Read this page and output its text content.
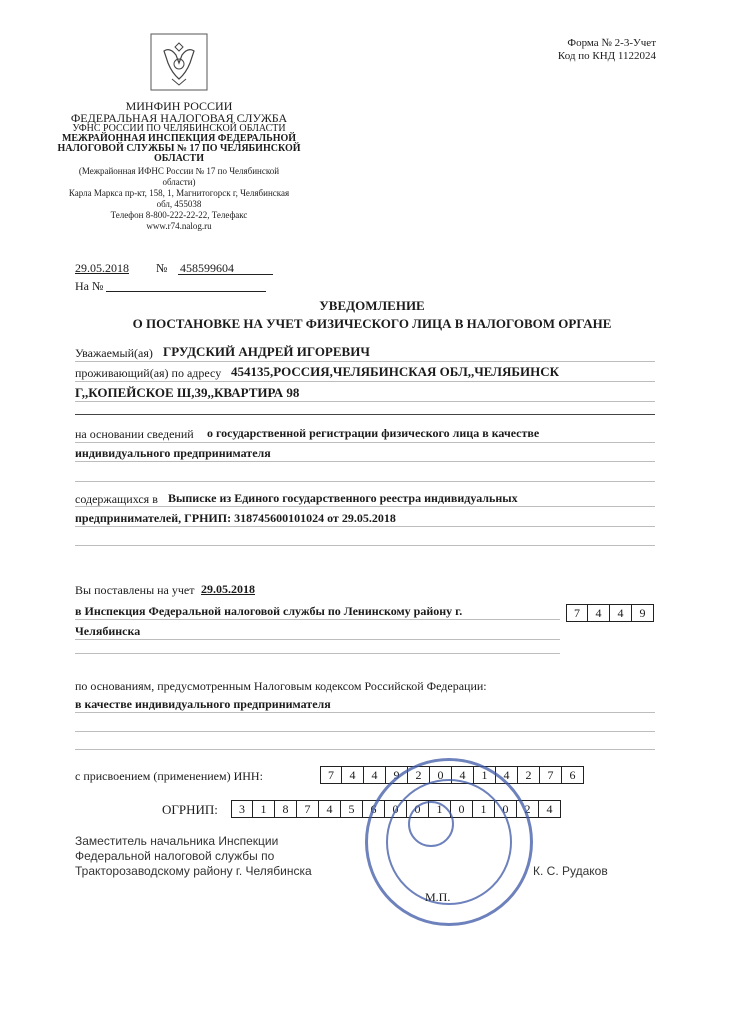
Форма № 2-3-Учет
Код по КНД 1122024
МИНФИН РОССИИ
ФЕДЕРАЛЬНАЯ НАЛОГОВАЯ СЛУЖБА
УФНС РОССИИ ПО ЧЕЛЯБИНСКОЙ ОБЛАСТИ
МЕЖРАЙОННАЯ ИНСПЕКЦИЯ ФЕДЕРАЛЬНОЙ
НАЛОГОВОЙ СЛУЖБЫ № 17 ПО ЧЕЛЯБИНСКОЙ
ОБЛАСТИ
(Межрайонная ИФНС России № 17 по Челябинской
области)
Карла Маркса пр-кт, 158, 1, Магнитогорск г, Челябинская
обл, 455038
Телефон 8-800-222-22-22, Телефакс
www.r74.nalog.ru
29.05.2018 № 458599604
На №
УВЕДОМЛЕНИЕ
О ПОСТАНОВКЕ НА УЧЕТ ФИЗИЧЕСКОГО ЛИЦА В НАЛОГОВОМ ОРГАНЕ
Уважаемый(ая) ГРУДСКИЙ АНДРЕЙ ИГОРЕВИЧ
проживающий(ая) по адресу 454135,РОССИЯ,ЧЕЛЯБИНСКАЯ ОБЛ,,ЧЕЛЯБИНСК
Г,,КОПЕЙСКОЕ Ш,39,,КВАРТИРА 98
на основании сведений о государственной регистрации физического лица в качестве
индивидуального предпринимателя
содержащихся в Выписке из Единого государственного реестра индивидуальных
предпринимателей, ГРНИП: 318745600101024 от 29.05.2018
Вы поставлены на учет 29.05.2018
в Инспекция Федеральной налоговой службы по Ленинскому району г.
Челябинска
7	4	4	9
по основаниям, предусмотренным Налоговым кодексом Российской Федерации:
в качестве индивидуального предпринимателя
с присвоением (применением) ИНН:	7	4	4	9	2	0	4	1	4	2	7	6
ОГРНИП:	3	1	8	7	4	5	6	0	0	1	0	1	0	2	4
Заместитель начальника Инспекции
Федеральной налоговой службы по
Тракторозаводскому району г. Челябинска
М.П.
К. С. Рудаков
